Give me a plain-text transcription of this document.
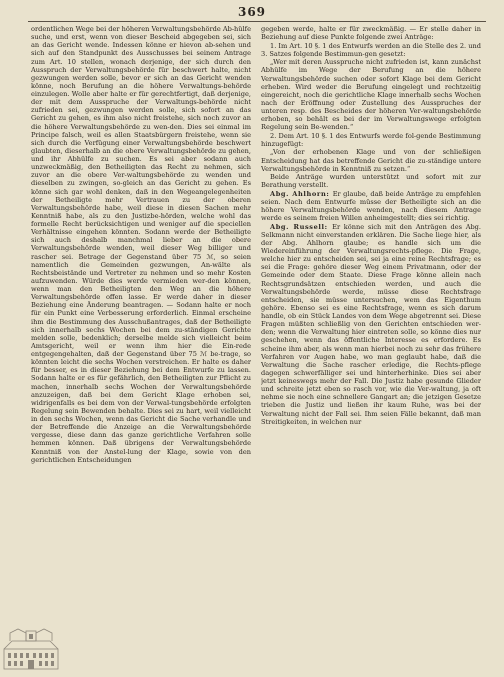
369

ordentlichen Wege bei der höheren Verwaltungsbehörde Ab-hülfe suche, und erst, wenn von dieser Bescheid abgegeben sei, sich an das Gericht wende. Indessen könne er hievon ab-sehen und sich auf den Standpunkt des Ausschusses bei seinem Antrage zum Art. 10 stellen, wonach derjenige, der sich durch den Ausspruch der Verwaltungsbehörde für beschwert halte, nicht gezwungen werden solle, bevor er sich an das Gericht wenden könne, noch Berufung an die höhere Verwaltungs-behörde einzulegen. Wolle aber halte er für gerechtfertigt, daß derjenige, der mit dem Ausspruche der Verwaltungs-behörde nicht zufrieden sei, gezwungen werden solle, sich sofort an das Gericht zu gehen, es ihm also nicht freistehe, sich noch zuvor an die höhere Verwaltungsbehörde zu wen-den. Dies sei einmal im Principe falsch, weil es allen Staatsbürgern freistehe, wenn sie sich durch die Verfügung einer Verwaltungsbehörde beschwert glaubten, dieserhalb an die obere Verwaltungsbehörde zu gehen, und ihr Abhülfe zu suchen. Es sei aber sodann auch unzweckmäßig, den Betheiligten das Recht zu nehmen, sich zuvor an die obere Ver-waltungsbehörde zu wenden und dieselben zu zwingen, so-gleich an das Gericht zu gehen. Es könne sich gar wohl denken, daß in den Wegeangelegenheiten der Betheiligte mehr Vertrauen zu der oberen Verwaltungsbehörde habe, weil diese in diesen Sachen mehr Kenntniß habe, als zu den Justizbe-hörden, welche wohl das formelle Recht berücksichtigen und weniger auf die speciellen Verhältnisse eingehen könnten. Sodann werde der Betheiligte sich auch deshalb manchmal lieber an die obere Verwaltungsbehörde wenden, weil dieser Weg billiger und rascher sei. Betrage der Gegenstand über 75 ℳ, so seien namentlich die Gemeinden gezwungen, An-wälte als Rechtsbeistände und Vertreter zu nehmen und so mehr Kosten aufzuwenden. Würde dies werde vermieden wer-den können, wenn man den Betheiligten den Weg an die höhere Verwaltungsbehörde offen lasse. Er werde daher in dieser Beziehung eine Änderung beantragen. — Sodann halte er noch für ein Punkt eine Verbesserung erforderlich. Einmal erscheine ihm die Bestimmung des Ausschußantrages, daß der Betheiligte sich innerhalb sechs Wochen bei dem zu-ständigen Gerichte melden solle, bedenklich; derselbe melde sich vielleicht beim Amtsgericht, weil er wenn ihm hier die Ein-rede entgegengehalten, daß der Gegenstand über 75 ℳ be-trage, so könnten leicht die sechs Wochen verstreichen. Er halte es daher für besser, es in dieser Beziehung bei dem Entwurfe zu lassen. Sodann halte er es für gefährlich, den Betheiligten zur Pflicht zu machen, innerhalb sechs Wochen der Verwaltungsbehörde anzuzeigen, daß bei dem Gericht Klage erhoben sei, widrigenfalls es bei dem von der Verwal-tungsbehörde erfolgten Regelung sein Bewenden behalte. Dies sei zu hart, weil vielleicht in den sechs Wochen, wenn das Gericht die Sache verhandle und der Betreffende die Anzeige an die Verwaltungsbehörde vergesse, diese dann das ganze gerichtliche Verfahren solle hemmen können. Daß übrigens der Verwaltungsbehörde Kenntniß von der Anstel-lung der Klage, sowie von den gerichtlichen Entscheidungen

gegeben werde, halte er für zweckmäßig. — Er stelle daher in Beziehung auf diese Punkte folgende zwei Anträge:

1. Im Art. 10 §. 1 des Entwurfs werden an die Stelle des 2. und 3. Satzes folgende Bestimmun-gen gesetzt:

„Wer mit deren Ausspruche nicht zufrieden ist, kann zunächst Abhülfe im Wege der Berufung an die höhere Verwaltungsbehörde suchen oder sofort Klage bei dem Gericht erheben. Wird weder die Berufung eingelegt und rechtzeitig eingereicht, noch die gerichtliche Klage innerhalb sechs Wochen nach der Eröffnung oder Zustellung des Ausspruches der unteren resp. des Bescheides der höheren Ver-waltungsbehörde erhoben, so behält es bei der im Verwaltungswege erfolgten Regelung sein Be-wenden.“

2. Dem Art. 10 §. 1 des Entwurfs werde fol-gende Bestimmung hinzugefügt:

„Von der erhobenen Klage und von der schließigen Entscheidung hat das betreffende Gericht die zu-ständige untere Verwaltungsbehörde in Kenntniß zu setzen.“

Beide Anträge wurden unterstützt und sofort mit zur Berathung verstellt.

Abg. Ahlhorn: Er glaube, daß beide Anträge zu empfehlen seien. Nach dem Entwurfe müsse der Betheiligte sich an die höhere Verwaltungsbehörde wenden, nach diesem Antrage werde es seinem freien Willen anheimgestellt; dies sei richtig.

Abg. Russell: Er könne sich mit den Anträgen des Abg. Selkmann nicht einverstanden erklären. Die Sache liege hier, als der Abg. Ahlhorn glaube; es handle sich um die Wiedereinführung der Verwaltungsrechts-pflege. Die Frage, welche hier zu entscheiden sei, sei ja eine reine Rechtsfrage; es sei die Frage: gehöre dieser Weg einem Privatmann, oder der Gemeinde oder dem Staate. Diese Frage könne allein nach Rechtsgrundsätzen entschieden werden, und auch die Verwaltungsbehörde werde, müsse diese Rechtsfrage entscheiden, sie müsse untersuchen, wem das Eigenthum gehöre. Ebenso sei es eine Rechtsfrage, wenn es sich darum handle, ob ein Stück Landes von dem Wege abgetrennt sei. Diese Fragen müßten schließlig von den Gerichten entschieden wer-den; wenn die Verwaltung hier eintreten solle, so könne dies nur geschehen, wenn das öffentliche Interesse es erfordere. Es scheine ihm aber, als wenn man hierbei noch zu sehr das frühere Verfahren vor Augen habe, wo man geglaubt habe, daß die Verwaltung die Sache rascher erledige, die Rechts-pflege dagegen schwerfälliger sei und hinterherhinke. Dies sei aber jetzt keineswegs mehr der Fall. Die Justiz habe gesunde Glieder und schreite jetzt eben so rasch vor, wie die Ver-waltung, ja oft nehme sie noch eine schnellere Gangart an; die jetzigen Gesetze trieben die Justiz und ließen ihr kaum Ruhe, was bei der Verwaltung nicht der Fall sei. Ihm seien Fälle bekannt, daß man Streitigkeiten, in welchen nur
